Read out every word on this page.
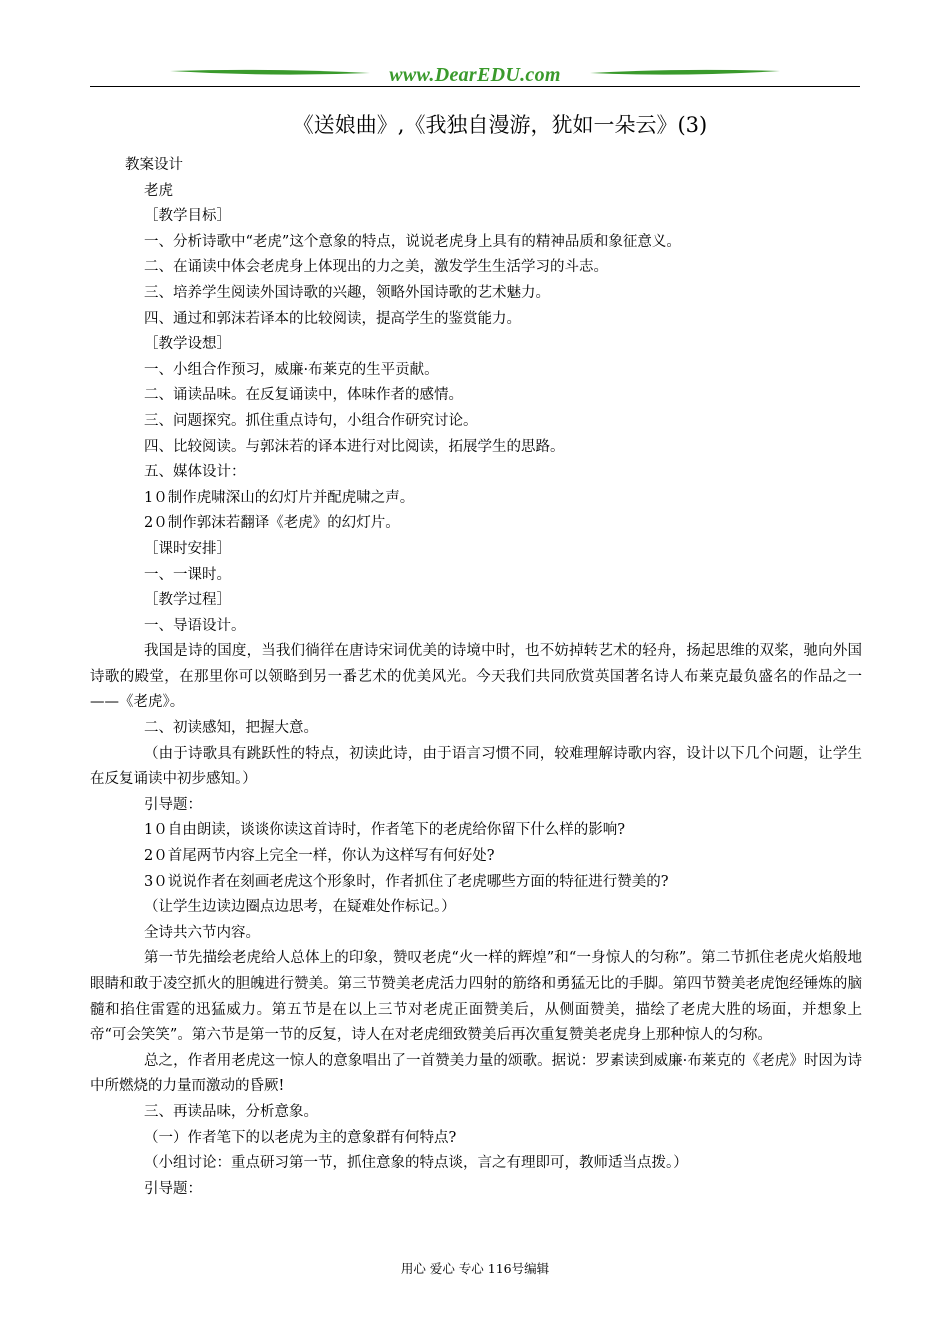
www.DearEDU.com
《送娘曲》,《我独自漫游，犹如一朵云》(3)

教案设计

老虎

［教学目标］

一、分析诗歌中“老虎”这个意象的特点，说说老虎身上具有的精神品质和象征意义。

二、在诵读中体会老虎身上体现出的力之美，激发学生生活学习的斗志。

三、培养学生阅读外国诗歌的兴趣，领略外国诗歌的艺术魅力。

四、通过和郭沫若译本的比较阅读，提高学生的鉴赏能力。

［教学设想］

一、小组合作预习，威廉·布莱克的生平贡献。

二、诵读品味。在反复诵读中，体味作者的感情。

三、问题探究。抓住重点诗句，小组合作研究讨论。

四、比较阅读。与郭沫若的译本进行对比阅读，拓展学生的思路。

五、媒体设计：

1０制作虎啸深山的幻灯片并配虎啸之声。

2０制作郭沫若翻译《老虎》的幻灯片。

［课时安排］

一、一课时。

［教学过程］

一、导语设计。

我国是诗的国度，当我们徜徉在唐诗宋词优美的诗境中时，也不妨掉转艺术的轻舟，扬起思维的双桨，驰向外国诗歌的殿堂，在那里你可以领略到另一番艺术的优美风光。今天我们共同欣赏英国著名诗人布莱克最负盛名的作品之一——《老虎》。

二、初读感知，把握大意。

（由于诗歌具有跳跃性的特点，初读此诗，由于语言习惯不同，较难理解诗歌内容，设计以下几个问题，让学生在反复诵读中初步感知。）

引导题：

1０自由朗读，谈谈你读这首诗时，作者笔下的老虎给你留下什么样的影响?

2０首尾两节内容上完全一样，你认为这样写有何好处?

3０说说作者在刻画老虎这个形象时，作者抓住了老虎哪些方面的特征进行赞美的?

（让学生边读边圈点边思考，在疑难处作标记。）

全诗共六节内容。

第一节先描绘老虎给人总体上的印象，赞叹老虎“火一样的辉煌”和“一身惊人的匀称”。第二节抓住老虎火焰般地眼睛和敢于凌空抓火的胆魄进行赞美。第三节赞美老虎活力四射的筋络和勇猛无比的手脚。第四节赞美老虎饱经锤炼的脑髓和掐住雷霆的迅猛威力。第五节是在以上三节对老虎正面赞美后，从侧面赞美，描绘了老虎大胜的场面，并想象上帝“可会笑笑”。第六节是第一节的反复，诗人在对老虎细致赞美后再次重复赞美老虎身上那种惊人的匀称。

总之，作者用老虎这一惊人的意象唱出了一首赞美力量的颂歌。据说：罗素读到威廉·布莱克的《老虎》时因为诗中所燃烧的力量而激动的昏厥!

三、再读品味，分析意象。

（一）作者笔下的以老虎为主的意象群有何特点?

（小组讨论：重点研习第一节，抓住意象的特点谈，言之有理即可，教师适当点拨。）

引导题：

用心 爱心 专心 116号编辑
